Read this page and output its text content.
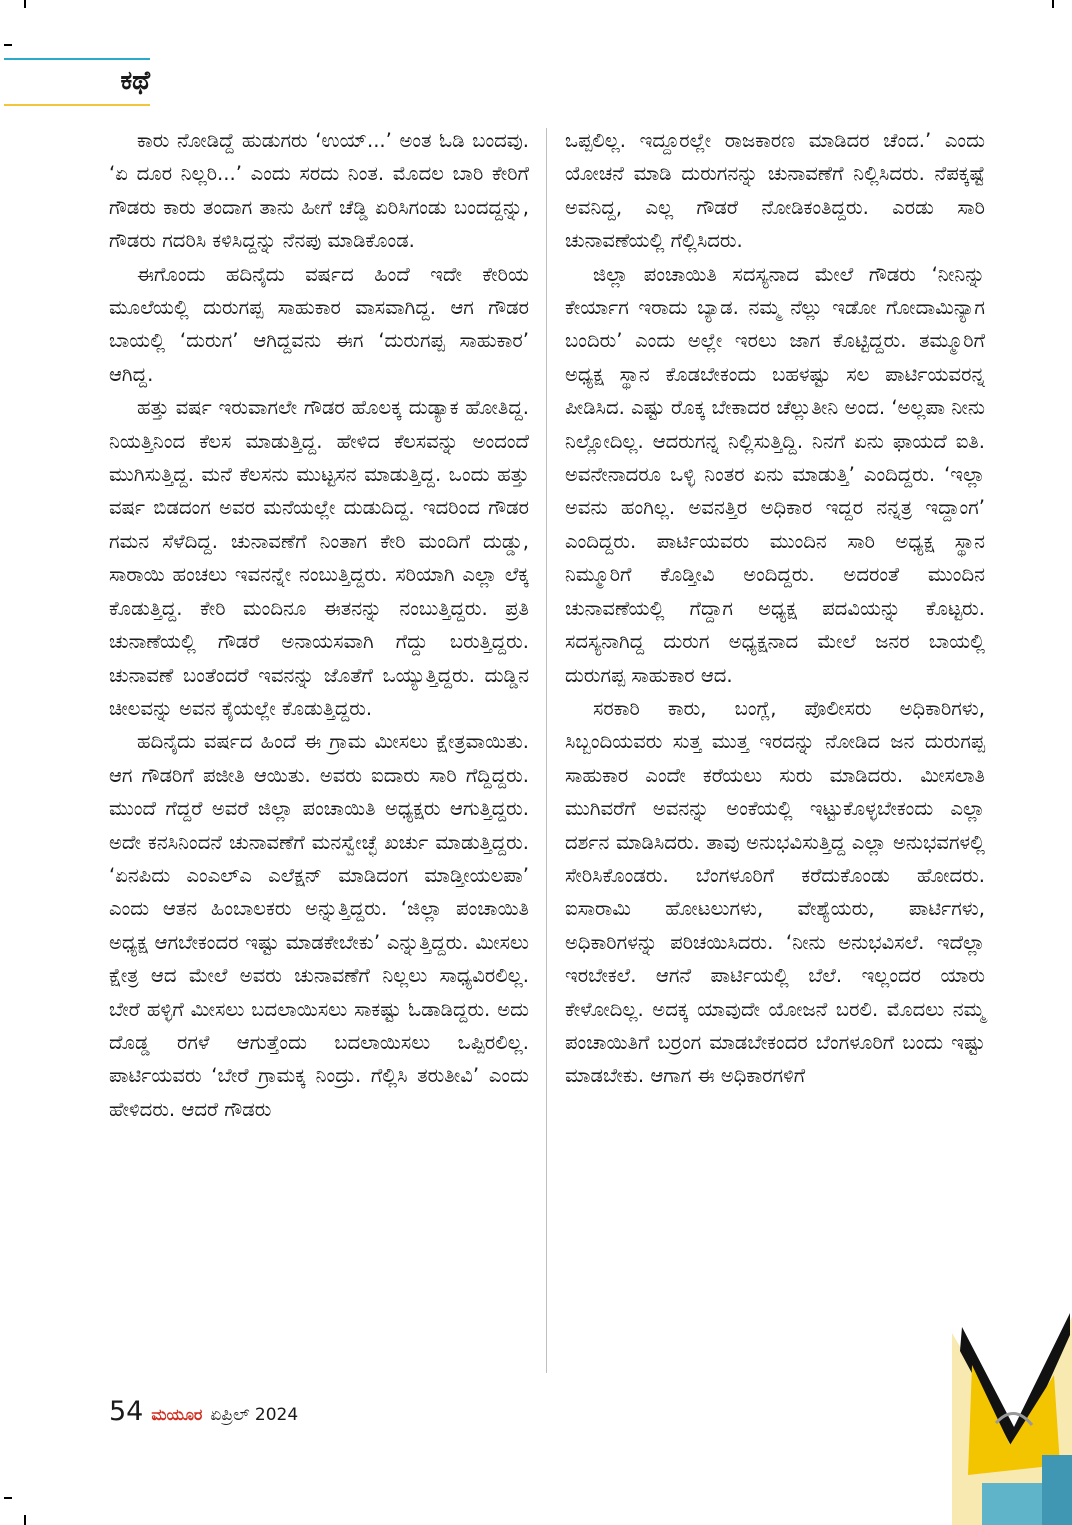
ಕಥೆ

ಕಾರು ನೋಡಿದ್ದೆ ಹುಡುಗರು ‘ಉಯ್...’ ಅಂತ ಓಡಿ ಬಂದವು. ‘ಏ ದೂರ ನಿಲ್ಲರಿ...’ ಎಂದು ಸರದು ನಿಂತ. ಮೊದಲ ಬಾರಿ ಕೇರಿಗೆ ಗೌಡರು ಕಾರು ತಂದಾಗ ತಾನು ಹೀಗೆ ಚೆಡ್ಡಿ ಏರಿಸಿಗಂಡು ಬಂದದ್ದನ್ನು, ಗೌಡರು ಗದರಿಸಿ ಕಳಿಸಿದ್ದನ್ನು ನೆನಪು ಮಾಡಿಕೊಂಡ.

ಈಗೊಂದು ಹದಿನೈದು ವರ್ಷದ ಹಿಂದೆ ಇದೇ ಕೇರಿಯ ಮೂಲೆಯಲ್ಲಿ ದುರುಗಪ್ಪ ಸಾಹುಕಾರ ವಾಸವಾಗಿದ್ದ. ಆಗ ಗೌಡರ ಬಾಯಲ್ಲಿ ‘ದುರುಗ’ ಆಗಿದ್ದವನು ಈಗ ‘ದುರುಗಪ್ಪ ಸಾಹುಕಾರ’ ಆಗಿದ್ದ.

ಹತ್ತು ವರ್ಷ ಇರುವಾಗಲೇ ಗೌಡರ ಹೊಲಕ್ಕ ದುಡ್ಯಾಕ ಹೋತಿದ್ದ. ನಿಯತ್ತಿನಿಂದ ಕೆಲಸ ಮಾಡುತ್ತಿದ್ದ. ಹೇಳಿದ ಕೆಲಸವನ್ನು ಅಂದಂದೆ ಮುಗಿಸುತ್ತಿದ್ದ. ಮನೆ ಕೆಲಸನು ಮುಟ್ಟಸನ ಮಾಡುತ್ತಿದ್ದ. ಒಂದು ಹತ್ತು ವರ್ಷ ಬಿಡದಂಗ ಅವರ ಮನೆಯಲ್ಲೇ ದುಡುದಿದ್ದ. ಇದರಿಂದ ಗೌಡರ ಗಮನ ಸೆಳೆದಿದ್ದ. ಚುನಾವಣೆಗೆ ನಿಂತಾಗ ಕೇರಿ ಮಂದಿಗೆ ದುಡ್ಡು, ಸಾರಾಯಿ ಹಂಚಲು ಇವನನ್ನೇ ನಂಬುತ್ತಿದ್ದರು. ಸರಿಯಾಗಿ ಎಲ್ಲಾ ಲೆಕ್ಕ ಕೊಡುತ್ತಿದ್ದ. ಕೇರಿ ಮಂದಿನೂ ಈತನನ್ನು ನಂಬುತ್ತಿದ್ದರು. ಪ್ರತಿ ಚುನಾಣೆಯಲ್ಲಿ ಗೌಡರೆ ಅನಾಯಸವಾಗಿ ಗೆದ್ದು ಬರುತ್ತಿದ್ದರು. ಚುನಾವಣೆ ಬಂತೆಂದರೆ ಇವನನ್ನು ಜೊತೆಗೆ ಒಯ್ಯುತ್ತಿದ್ದರು. ದುಡ್ಡಿನ ಚೀಲವನ್ನು ಅವನ ಕೈಯಲ್ಲೇ ಕೊಡುತ್ತಿದ್ದರು.

ಹದಿನೈದು ವರ್ಷದ ಹಿಂದೆ ಈ ಗ್ರಾಮ ಮೀಸಲು ಕ್ಷೇತ್ರವಾಯಿತು. ಆಗ ಗೌಡರಿಗೆ ಪಜೀತಿ ಆಯಿತು. ಅವರು ಐದಾರು ಸಾರಿ ಗೆದ್ದಿದ್ದರು. ಮುಂದೆ ಗೆದ್ದರೆ ಅವರೆ ಜಿಲ್ಲಾ ಪಂಚಾಯಿತಿ ಅಧ್ಯಕ್ಷರು ಆಗುತ್ತಿದ್ದರು. ಅದೇ ಕನಸಿನಿಂದನೆ ಚುನಾವಣೆಗೆ ಮನಸ್ವೇಚ್ಛೆ ಖರ್ಚು ಮಾಡುತ್ತಿದ್ದರು. ‘ಏನಪಿದು ಎಂಎಲ್ಎ ಎಲೆಕ್ಷನ್ ಮಾಡಿದಂಗ ಮಾಡ್ತೀಯಲಪಾ’ ಎಂದು ಆತನ ಹಿಂಬಾಲಕರು ಅನ್ನುತ್ತಿದ್ದರು. ‘ಜಿಲ್ಲಾ ಪಂಚಾಯಿತಿ ಅಧ್ಯಕ್ಷ ಆಗಬೇಕಂದರ ಇಷ್ಟು ಮಾಡಕೇಬೇಕು’ ಎನ್ನುತ್ತಿದ್ದರು. ಮೀಸಲು ಕ್ಷೇತ್ರ ಆದ ಮೇಲೆ ಅವರು ಚುನಾವಣೆಗೆ ನಿಲ್ಲಲು ಸಾಧ್ಯವಿರಲಿಲ್ಲ. ಬೇರೆ ಹಳ್ಳಿಗೆ ಮೀಸಲು ಬದಲಾಯಿಸಲು ಸಾಕಷ್ಟು ಓಡಾಡಿದ್ದರು. ಅದು ದೊಡ್ಡ ರಗಳೆ ಆಗುತ್ತೆಂದು ಬದಲಾಯಿಸಲು ಒಪ್ಪಿರಲಿಲ್ಲ. ಪಾರ್ಟಿಯವರು ‘ಬೇರೆ ಗ್ರಾಮಕ್ಕ ನಿಂದ್ರು. ಗೆಲ್ಲಿಸಿ ತರುತೀವಿ’ ಎಂದು ಹೇಳಿದರು. ಆದರೆ ಗೌಡರು

ಒಪ್ಪಲಿಲ್ಲ. ಇದ್ದೂರಲ್ಲೇ ರಾಜಕಾರಣ ಮಾಡಿದರ ಚೆಂದ.’ ಎಂದು ಯೋಚನೆ ಮಾಡಿ ದುರುಗನನ್ನು ಚುನಾವಣೆಗೆ ನಿಲ್ಲಿಸಿದರು. ನೆಪಕ್ಕಷ್ಟೆ ಅವನಿದ್ದ, ಎಲ್ಲ ಗೌಡರೆ ನೋಡಿಕಂತಿದ್ದರು. ಎರಡು ಸಾರಿ ಚುನಾವಣೆಯಲ್ಲಿ ಗೆಲ್ಲಿಸಿದರು.

ಜಿಲ್ಲಾ ಪಂಚಾಯಿತಿ ಸದಸ್ಯನಾದ ಮೇಲೆ ಗೌಡರು ‘ನೀನಿನ್ನು ಕೇರ್ಯಾಗ ಇರಾದು ಬ್ಯಾಡ. ನಮ್ಮ ನೆಲ್ಲು ಇಡೋ ಗೋದಾಮಿನ್ಯಾಗ ಬಂದಿರು’ ಎಂದು ಅಲ್ಲೇ ಇರಲು ಜಾಗ ಕೊಟ್ಟಿದ್ದರು. ತಮ್ಮೂರಿಗೆ ಅಧ್ಯಕ್ಷ ಸ್ಥಾನ ಕೊಡಬೇಕಂದು ಬಹಳಷ್ಟು ಸಲ ಪಾರ್ಟಿಯವರನ್ನ ಪೀಡಿಸಿದ. ಎಷ್ಟು ರೊಕ್ಕ ಬೇಕಾದರ ಚೆಲ್ಲುತೀನಿ ಅಂದ. ‘ಅಲ್ಲಪಾ ನೀನು ನಿಲ್ಲೋದಿಲ್ಲ. ಆದರುಗನ್ನ ನಿಲ್ಲಿಸುತ್ತಿದ್ದಿ. ನಿನಗೆ ಏನು ಫಾಯದೆ ಐತಿ. ಅವನೇನಾದರೂ ಒಳ್ಳಿ ನಿಂತರ ಏನು ಮಾಡುತ್ತಿ’ ಎಂದಿದ್ದರು. ‘ಇಲ್ಲಾ ಅವನು ಹಂಗಿಲ್ಲ. ಅವನತ್ತಿರ ಅಧಿಕಾರ ಇದ್ದರ ನನ್ನತ್ರ ಇದ್ದಾಂಗ’ ಎಂದಿದ್ದರು. ಪಾರ್ಟಿಯವರು ಮುಂದಿನ ಸಾರಿ ಅಧ್ಯಕ್ಷ ಸ್ಥಾನ ನಿಮ್ಮೂರಿಗೆ ಕೊಡ್ತೀವಿ ಅಂದಿದ್ದರು. ಅದರಂತೆ ಮುಂದಿನ ಚುನಾವಣೆಯಲ್ಲಿ ಗೆದ್ದಾಗ ಅಧ್ಯಕ್ಷ ಪದವಿಯನ್ನು ಕೊಟ್ಟರು. ಸದಸ್ಯನಾಗಿದ್ದ ದುರುಗ ಅಧ್ಯಕ್ಷನಾದ ಮೇಲೆ ಜನರ ಬಾಯಲ್ಲಿ ದುರುಗಪ್ಪ ಸಾಹುಕಾರ ಆದ.

ಸರಕಾರಿ ಕಾರು, ಬಂಗ್ಲೆ, ಪೊಲೀಸರು ಅಧಿಕಾರಿಗಳು, ಸಿಬ್ಬಂದಿಯವರು ಸುತ್ತ ಮುತ್ತ ಇರದನ್ನು ನೋಡಿದ ಜನ ದುರುಗಪ್ಪ ಸಾಹುಕಾರ ಎಂದೇ ಕರೆಯಲು ಸುರು ಮಾಡಿದರು. ಮೀಸಲಾತಿ ಮುಗಿವರೆಗೆ ಅವನನ್ನು ಅಂಕೆಯಲ್ಲಿ ಇಟ್ಟುಕೊಳ್ಳಬೇಕಂದು ಎಲ್ಲಾ ದರ್ಶನ ಮಾಡಿಸಿದರು. ತಾವು ಅನುಭವಿಸುತ್ತಿದ್ದ ಎಲ್ಲಾ ಅನುಭವಗಳಲ್ಲಿ ಸೇರಿಸಿಕೊಂಡರು. ಬೆಂಗಳೂರಿಗೆ ಕರೆದುಕೊಂಡು ಹೋದರು. ಐಸಾರಾಮಿ ಹೋಟಲುಗಳು, ವೇಶ್ಯೆಯರು, ಪಾರ್ಟಿಗಳು, ಅಧಿಕಾರಿಗಳನ್ನು ಪರಿಚಯಿಸಿದರು. ‘ನೀನು ಅನುಭವಿಸಲೆ. ಇದೆಲ್ಲಾ ಇರಬೇಕಲೆ. ಆಗನೆ ಪಾರ್ಟಿಯಲ್ಲಿ ಬೆಲೆ. ಇಲ್ಲಂದರ ಯಾರು ಕೇಳೋದಿಲ್ಲ. ಅದಕ್ಕ ಯಾವುದೇ ಯೋಜನೆ ಬರಲಿ. ಮೊದಲು ನಮ್ಮ ಪಂಚಾಯಿತಿಗೆ ಬರ್ರಂಗ ಮಾಡಬೇಕಂದರ ಬೆಂಗಳೂರಿಗೆ ಬಂದು ಇಷ್ಟು ಮಾಡಬೇಕು. ಆಗಾಗ ಈ ಅಧಿಕಾರಗಳಿಗೆ

54 ಮಯೂರ ಏಪ್ರಿಲ್ 2024
